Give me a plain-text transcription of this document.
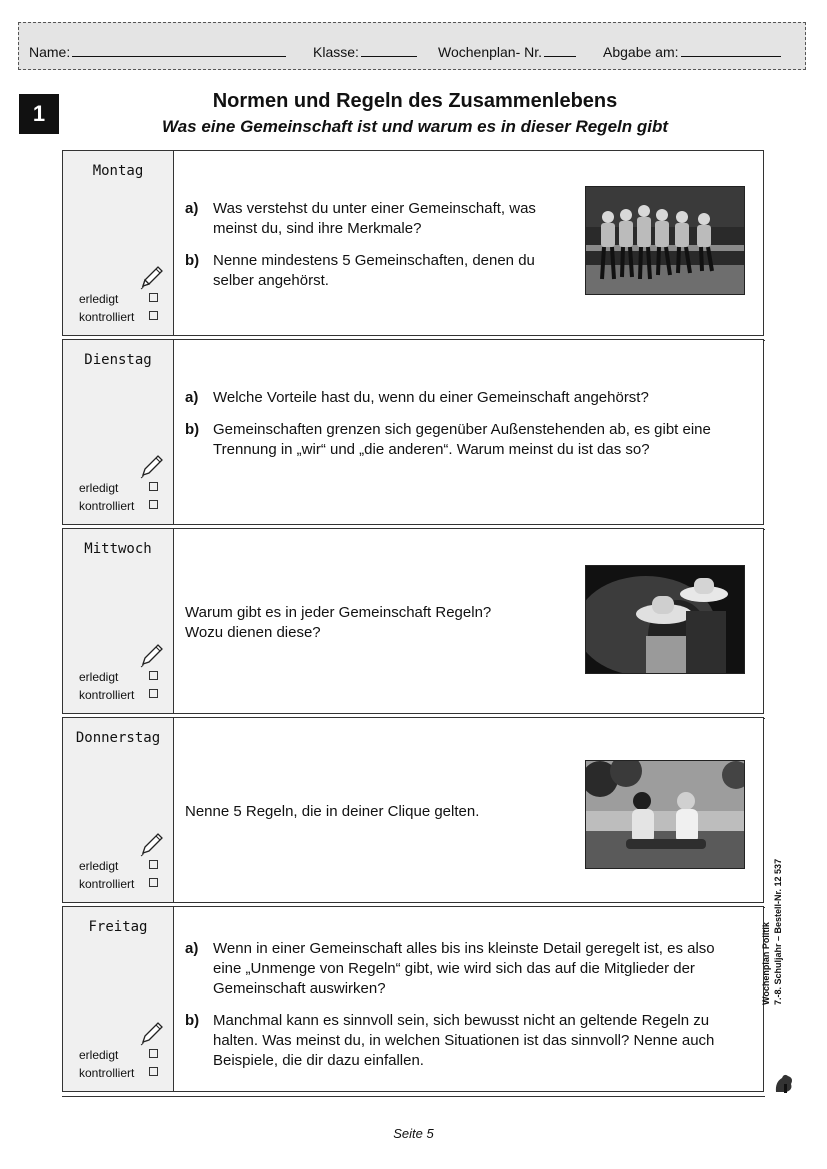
Name:	Klasse:	Wochenplan- Nr.	Abgabe am:
1	Normen und Regeln des Zusammenlebens
Was eine Gemeinschaft ist und warum es in dieser Regeln gibt
Montag
erledigt
kontrolliert
a) Was verstehst du unter einer Gemeinschaft, was meinst du, sind ihre Merkmale?
b) Nenne mindestens 5 Gemeinschaften, denen du selber angehörst.
Dienstag
erledigt
kontrolliert
a) Welche Vorteile hast du, wenn du einer Gemeinschaft angehörst?
b) Gemeinschaften grenzen sich gegenüber Außenstehenden ab, es gibt eine Trennung in „wir“ und „die anderen“. Warum meinst du ist das so?
Mittwoch
erledigt
kontrolliert
Warum gibt es in jeder Gemeinschaft Regeln?
Wozu dienen diese?
Donnerstag
erledigt
kontrolliert
Nenne 5 Regeln, die in deiner Clique gelten.
Freitag
erledigt
kontrolliert
a) Wenn in einer Gemeinschaft alles bis ins kleinste Detail geregelt ist, es also eine „Unmenge von Regeln“ gibt, wie wird sich das auf die Mitglieder der Gemeinschaft auswirken?
b) Manchmal kann es sinnvoll sein, sich bewusst nicht an geltende Regeln zu halten. Was meinst du, in welchen Situationen ist das sinnvoll? Nenne auch Beispiele, die dir dazu einfallen.
Wochenplan Politik 7.-8. Schuljahr – Bestell-Nr. 12 537
Seite 5
